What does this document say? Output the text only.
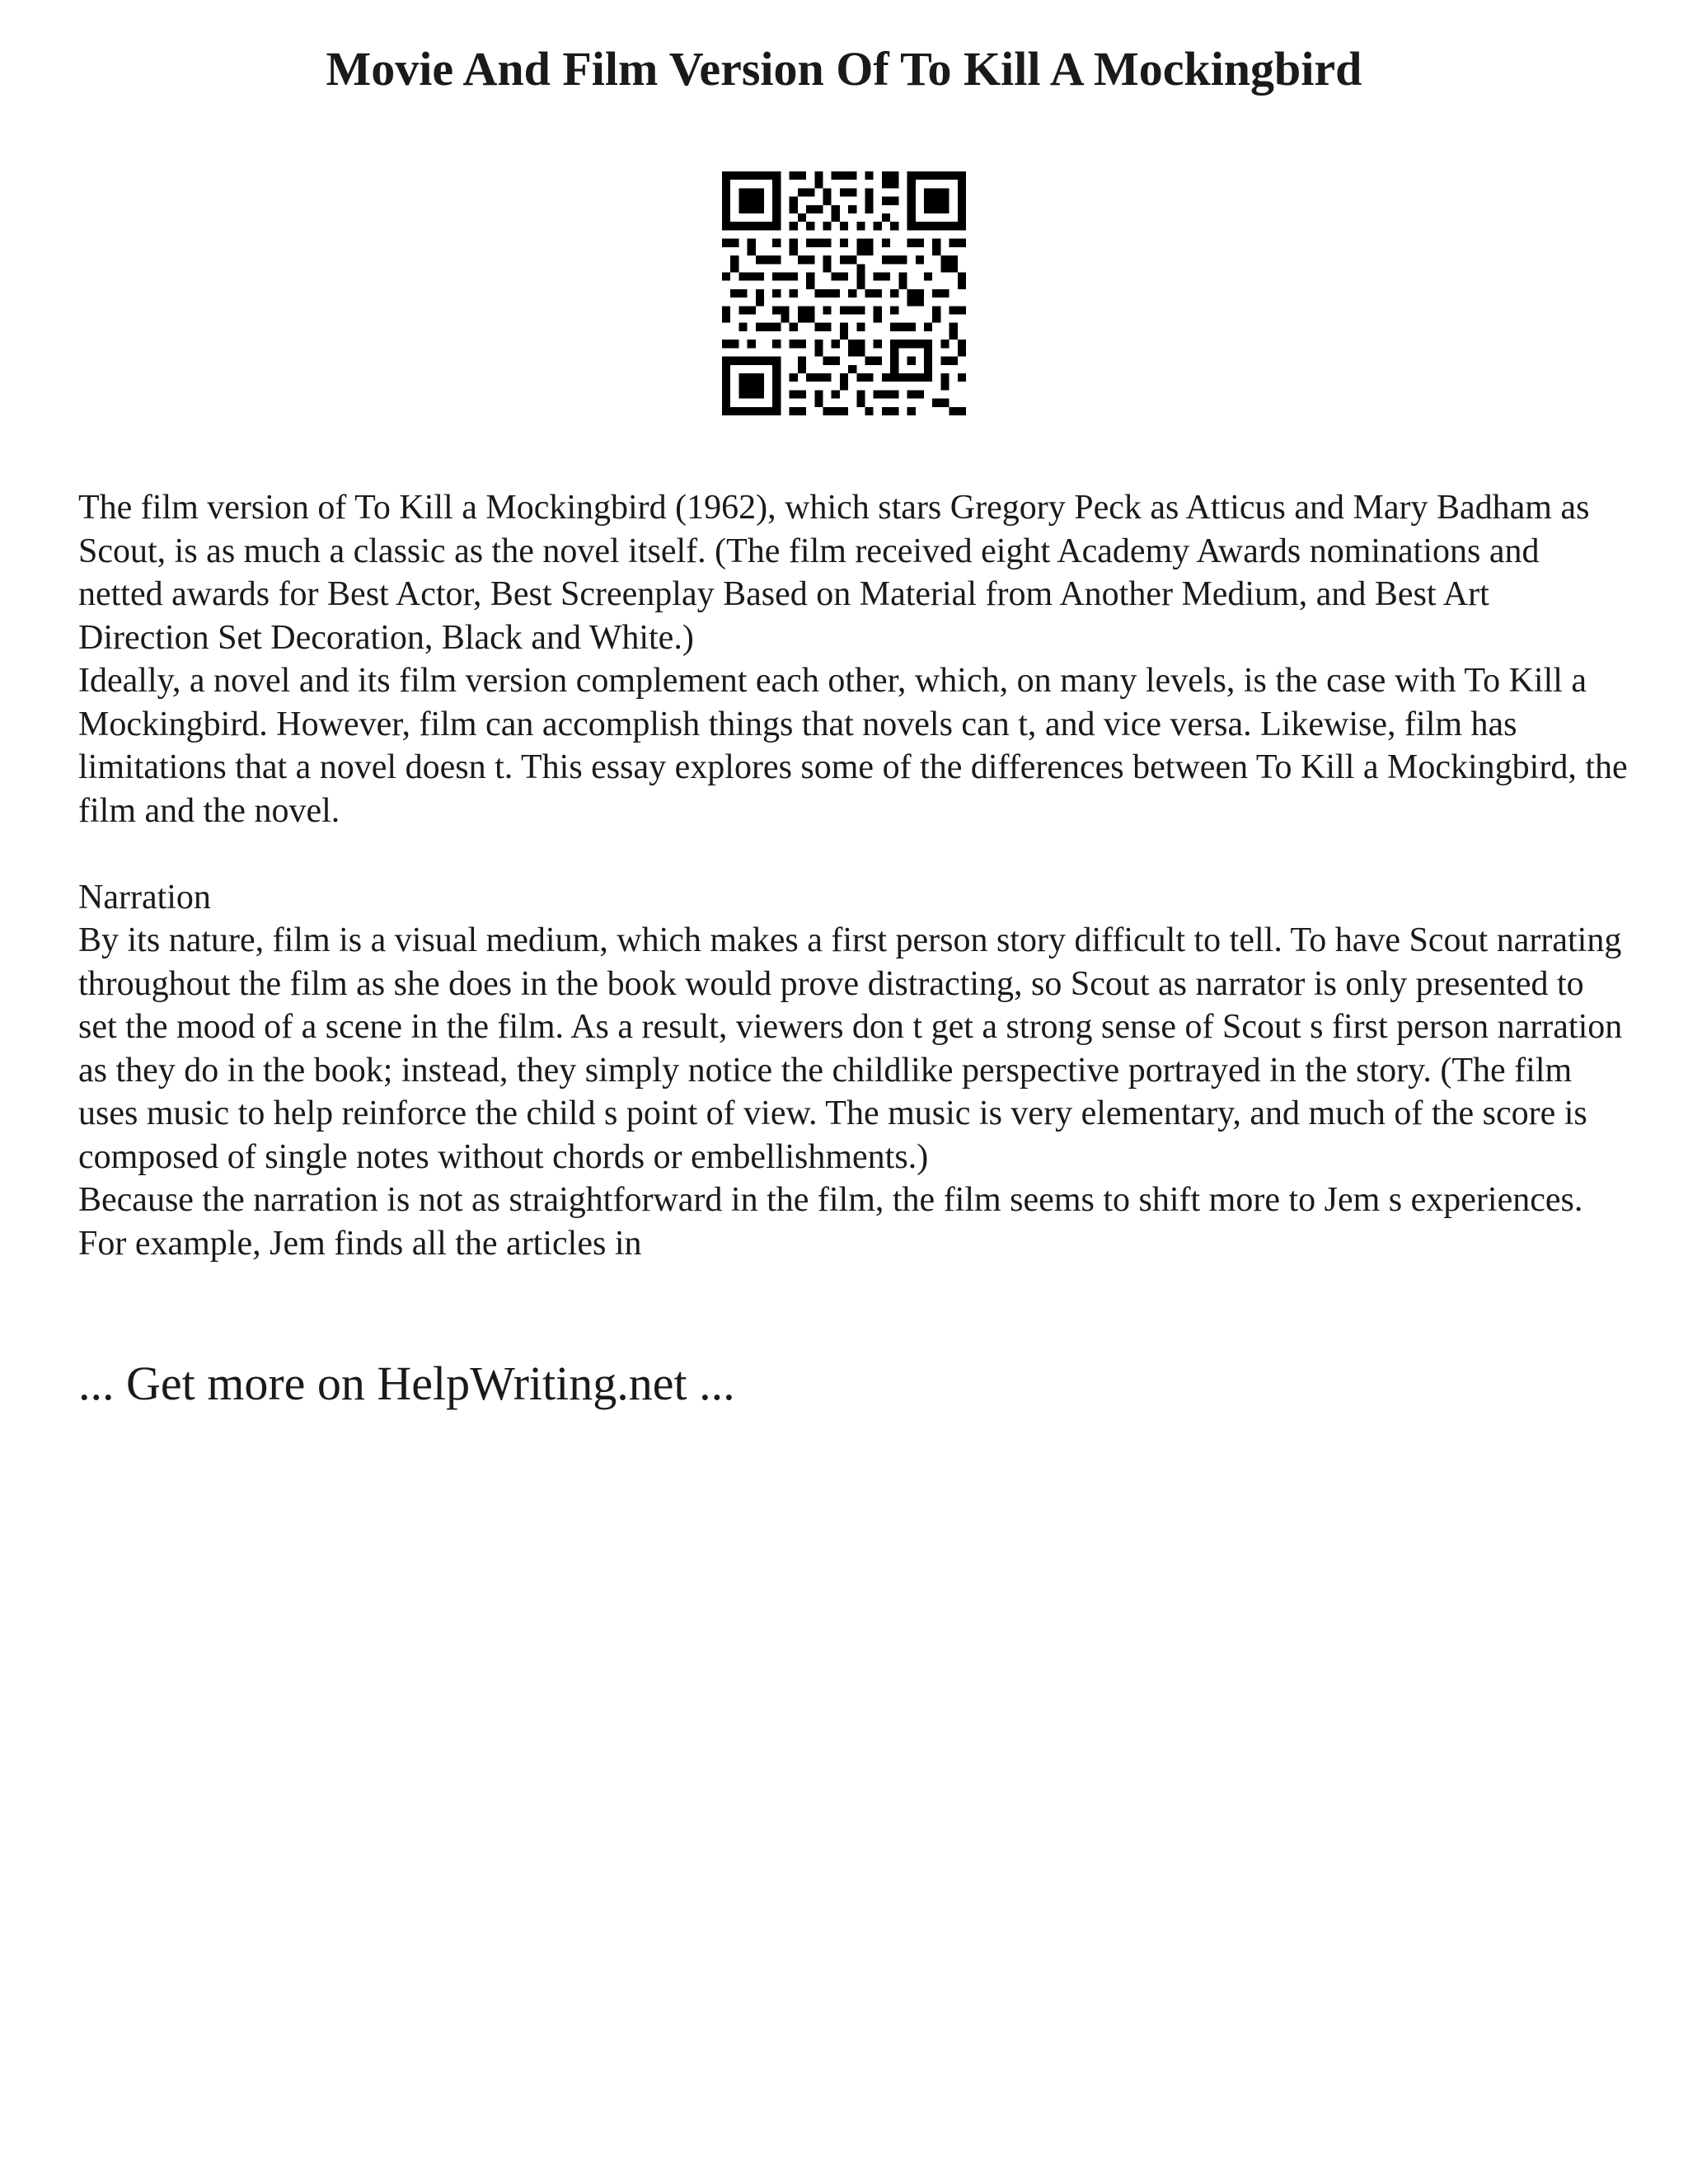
Movie And Film Version Of To Kill A Mockingbird

The film version of To Kill a Mockingbird (1962), which stars Gregory Peck as Atticus and Mary Badham as Scout, is as much a classic as the novel itself. (The film received eight Academy Awards nominations and netted awards for Best Actor, Best Screenplay Based on Material from Another Medium, and Best Art Direction Set Decoration, Black and White.)

Ideally, a novel and its film version complement each other, which, on many levels, is the case with To Kill a Mockingbird. However, film can accomplish things that novels can t, and vice versa. Likewise, film has limitations that a novel doesn t. This essay explores some of the differences between To Kill a Mockingbird, the film and the novel.

Narration

By its nature, film is a visual medium, which makes a first person story difficult to tell. To have Scout narrating throughout the film as she does in the book would prove distracting, so Scout as narrator is only presented to set the mood of a scene in the film. As a result, viewers don t get a strong sense of Scout s first person narration as they do in the book; instead, they simply notice the childlike perspective portrayed in the story. (The film uses music to help reinforce the child s point of view. The music is very elementary, and much of the score is composed of single notes without chords or embellishments.)

Because the narration is not as straightforward in the film, the film seems to shift more to Jem s experiences. For example, Jem finds all the articles in

... Get more on HelpWriting.net ...
